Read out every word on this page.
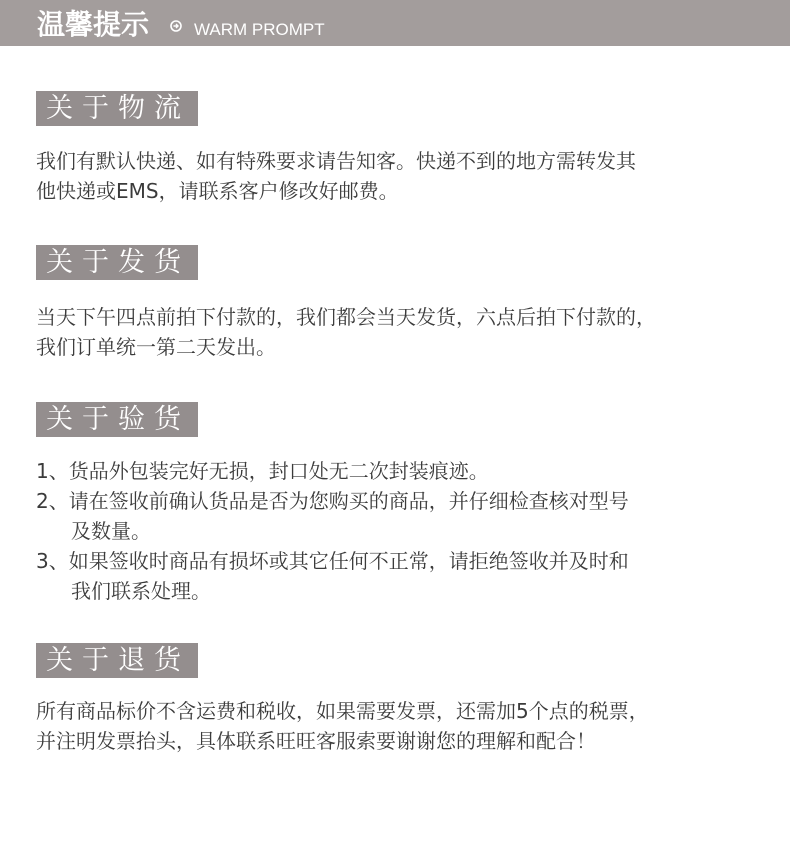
温馨提示	WARM PROMPT
关于物流
我们有默认快递、如有特殊要求请告知客。快递不到的地方需转发其
他快递或EMS，请联系客户修改好邮费。
关于发货
当天下午四点前拍下付款的，我们都会当天发货，六点后拍下付款的，
我们订单统一第二天发出。
关于验货
1、货品外包装完好无损，封口处无二次封装痕迹。
2、请在签收前确认货品是否为您购买的商品，并仔细检查核对型号
及数量。
3、如果签收时商品有损坏或其它任何不正常，请拒绝签收并及时和
我们联系处理。
关于退货
所有商品标价不含运费和税收，如果需要发票，还需加5个点的税票，
并注明发票抬头，具体联系旺旺客服索要谢谢您的理解和配合！
